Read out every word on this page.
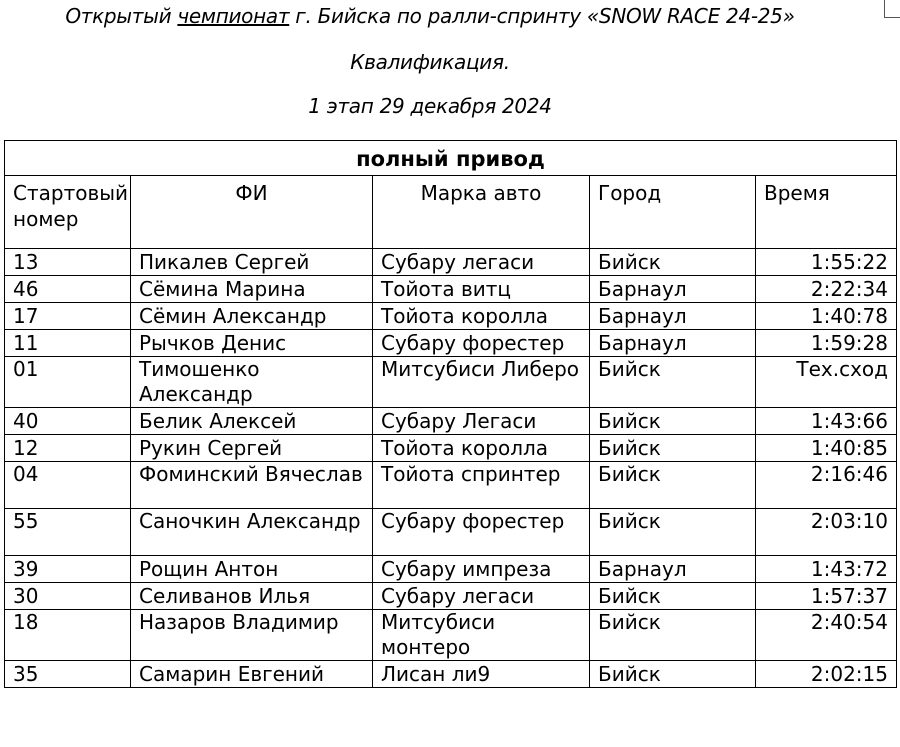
Открытый чемпионат г. Бийска по ралли-спринту «SNOW RACE 24-25»
Квалификация.
1 этап 29 декабря 2024
полный привод				
Стартовый номер	ФИ	Марка авто	Город	Время
13	Пикалев Сергей	Субару легаси	Бийск	1:55:22
46	Сёмина Марина	Тойота витц	Барнаул	2:22:34
17	Сёмин Александр	Тойота королла	Барнаул	1:40:78
11	Рычков Денис	Субару форестер	Барнаул	1:59:28
01	Тимошенко Александр	Митсубиси Либеро	Бийск	Тех.сход
40	Белик Алексей	Субару Легаси	Бийск	1:43:66
12	Рукин Сергей	Тойота королла	Бийск	1:40:85
04	Фоминский Вячеслав	Тойота спринтер	Бийск	2:16:46
55	Саночкин Александр	Субару форестер	Бийск	2:03:10
39	Рощин Антон	Субару импреза	Барнаул	1:43:72
30	Селиванов Илья	Субару легаси	Бийск	1:57:37
18	Назаров Владимир	Митсубиси монтеро	Бийск	2:40:54
35	Самарин Евгений	Лисан ли9	Бийск	2:02:15
